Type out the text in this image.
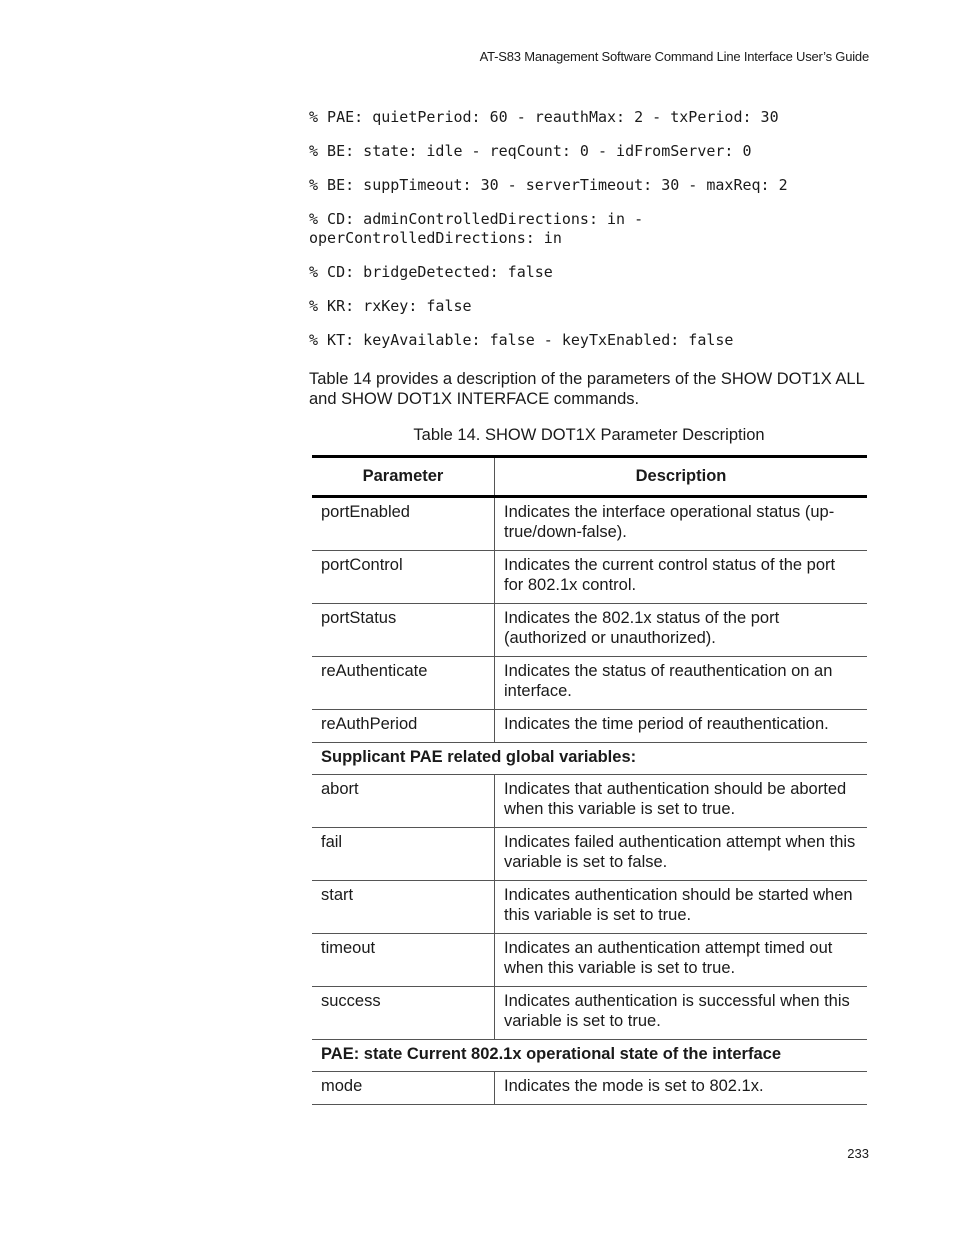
AT-S83 Management Software Command Line Interface User’s Guide

% PAE: quietPeriod: 60 - reauthMax: 2 - txPeriod: 30

% BE: state: idle - reqCount: 0 - idFromServer: 0

% BE: suppTimeout: 30 - serverTimeout: 30 - maxReq: 2

% CD: adminControlledDirections: in -
operControlledDirections: in

% CD: bridgeDetected: false

% KR: rxKey: false

% KT: keyAvailable: false - keyTxEnabled: false

Table 14 provides a description of the parameters of the SHOW DOT1X ALL and SHOW DOT1X INTERFACE commands.

Table 14. SHOW DOT1X Parameter Description

Parameter	Description
portEnabled	Indicates the interface operational status (up-true/down-false).
portControl	Indicates the current control status of the port for 802.1x control.
portStatus	Indicates the 802.1x status of the port (authorized or unauthorized).
reAuthenticate	Indicates the status of reauthentication on an interface.
reAuthPeriod	Indicates the time period of reauthentication.
Supplicant PAE related global variables:	
abort	Indicates that authentication should be aborted when this variable is set to true.
fail	Indicates failed authentication attempt when this variable is set to false.
start	Indicates authentication should be started when this variable is set to true.
timeout	Indicates an authentication attempt timed out when this variable is set to true.
success	Indicates authentication is successful when this variable is set to true.
PAE: state Current 802.1x operational state of the interface	
mode	Indicates the mode is set to 802.1x.
233
